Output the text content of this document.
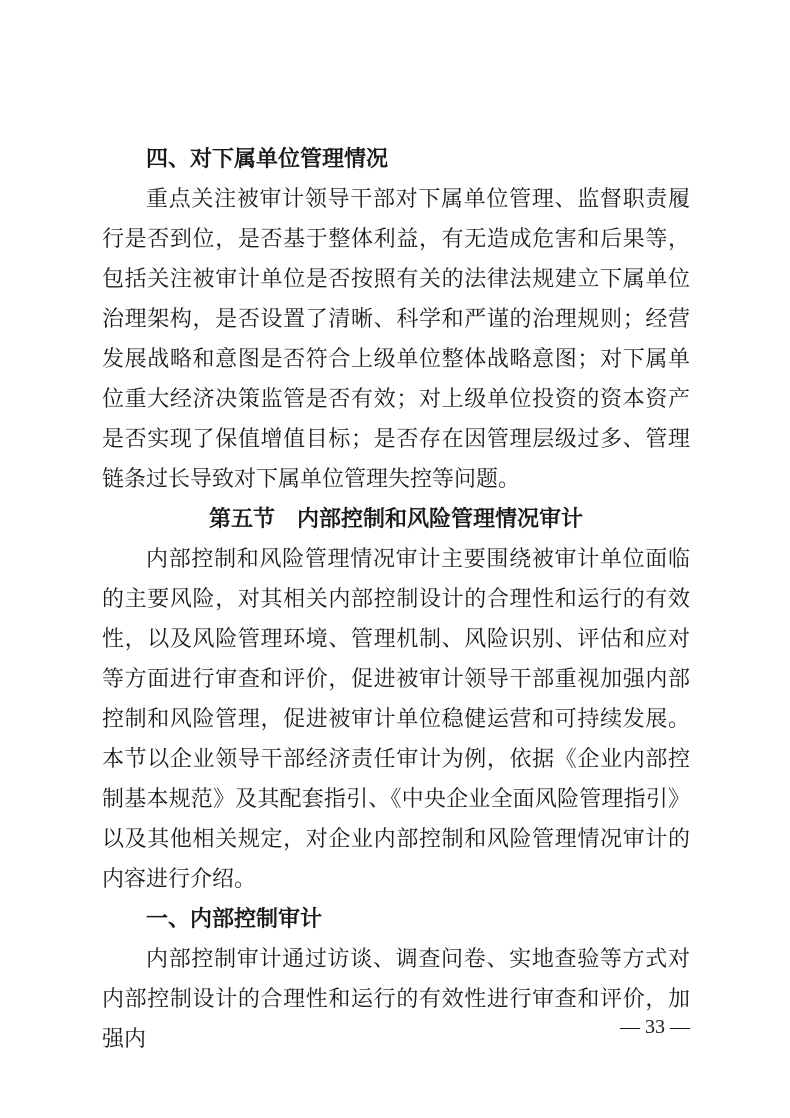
四、对下属单位管理情况

重点关注被审计领导干部对下属单位管理、监督职责履行是否到位，是否基于整体利益，有无造成危害和后果等，包括关注被审计单位是否按照有关的法律法规建立下属单位治理架构，是否设置了清晰、科学和严谨的治理规则；经营发展战略和意图是否符合上级单位整体战略意图；对下属单位重大经济决策监管是否有效；对上级单位投资的资本资产是否实现了保值增值目标；是否存在因管理层级过多、管理链条过长导致对下属单位管理失控等问题。

第五节　内部控制和风险管理情况审计

内部控制和风险管理情况审计主要围绕被审计单位面临的主要风险，对其相关内部控制设计的合理性和运行的有效性，以及风险管理环境、管理机制、风险识别、评估和应对等方面进行审查和评价，促进被审计领导干部重视加强内部控制和风险管理，促进被审计单位稳健运营和可持续发展。本节以企业领导干部经济责任审计为例，依据《企业内部控制基本规范》及其配套指引、《中央企业全面风险管理指引》以及其他相关规定，对企业内部控制和风险管理情况审计的内容进行介绍。

一、内部控制审计

内部控制审计通过访谈、调查问卷、实地查验等方式对内部控制设计的合理性和运行的有效性进行审查和评价，加强内	— 33 —
